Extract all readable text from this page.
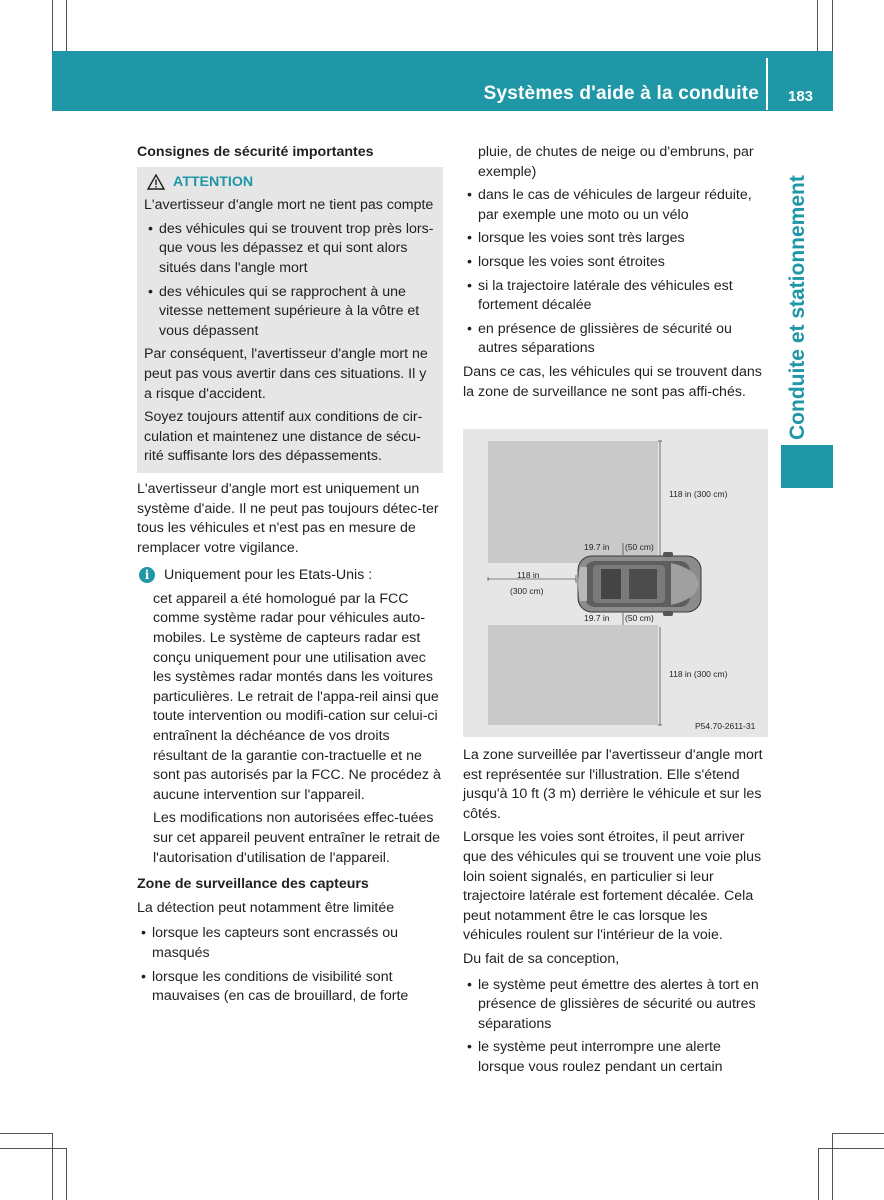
Systèmes d'aide à la conduite	183
Conduite et stationnement
Consignes de sécurité importantes
ATTENTION

L'avertisseur d'angle mort ne tient pas compte

• des véhicules qui se trouvent trop près lors-que vous les dépassez et qui sont alors situés dans l'angle mort
• des véhicules qui se rapprochent à une vitesse nettement supérieure à la vôtre et vous dépassent

Par conséquent, l'avertisseur d'angle mort ne peut pas vous avertir dans ces situations. Il y a risque d'accident.

Soyez toujours attentif aux conditions de cir-culation et maintenez une distance de sécu-rité suffisante lors des dépassements.

L'avertisseur d'angle mort est uniquement un système d'aide. Il ne peut pas toujours détec-ter tous les véhicules et n'est pas en mesure de remplacer votre vigilance.

i	Uniquement pour les Etats-Unis :

cet appareil a été homologué par la FCC comme système radar pour véhicules auto-mobiles. Le système de capteurs radar est conçu uniquement pour une utilisation avec les systèmes radar montés dans les voitures particulières. Le retrait de l'appa-reil ainsi que toute intervention ou modifi-cation sur celui-ci entraînent la déchéance de vos droits résultant de la garantie con-tractuelle et ne sont pas autorisés par la FCC. Ne procédez à aucune intervention sur l'appareil.

Les modifications non autorisées effec-tuées sur cet appareil peuvent entraîner le retrait de l'autorisation d'utilisation de l'appareil.

Zone de surveillance des capteurs

La détection peut notamment être limitée

• lorsque les capteurs sont encrassés ou masqués
• lorsque les conditions de visibilité sont mauvaises (en cas de brouillard, de forte

pluie, de chutes de neige ou d'embruns, par exemple)

• dans le cas de véhicules de largeur réduite, par exemple une moto ou un vélo
• lorsque les voies sont très larges
• lorsque les voies sont étroites
• si la trajectoire latérale des véhicules est fortement décalée
• en présence de glissières de sécurité ou autres séparations

Dans ce cas, les véhicules qui se trouvent dans la zone de surveillance ne sont pas affi-chés.

118 in (300 cm)
118 in (300 cm)
19.7 in (50 cm)
19.7 in (50 cm)
118 in
(300 cm)
P54.70-2611-31

La zone surveillée par l'avertisseur d'angle mort est représentée sur l'illustration. Elle s'étend jusqu'à 10 ft (3 m) derrière le véhicule et sur les côtés.

Lorsque les voies sont étroites, il peut arriver que des véhicules qui se trouvent une voie plus loin soient signalés, en particulier si leur trajectoire latérale est fortement décalée. Cela peut notamment être le cas lorsque les véhicules roulent sur l'intérieur de la voie.

Du fait de sa conception,

• le système peut émettre des alertes à tort en présence de glissières de sécurité ou autres séparations
• le système peut interrompre une alerte lorsque vous roulez pendant un certain
